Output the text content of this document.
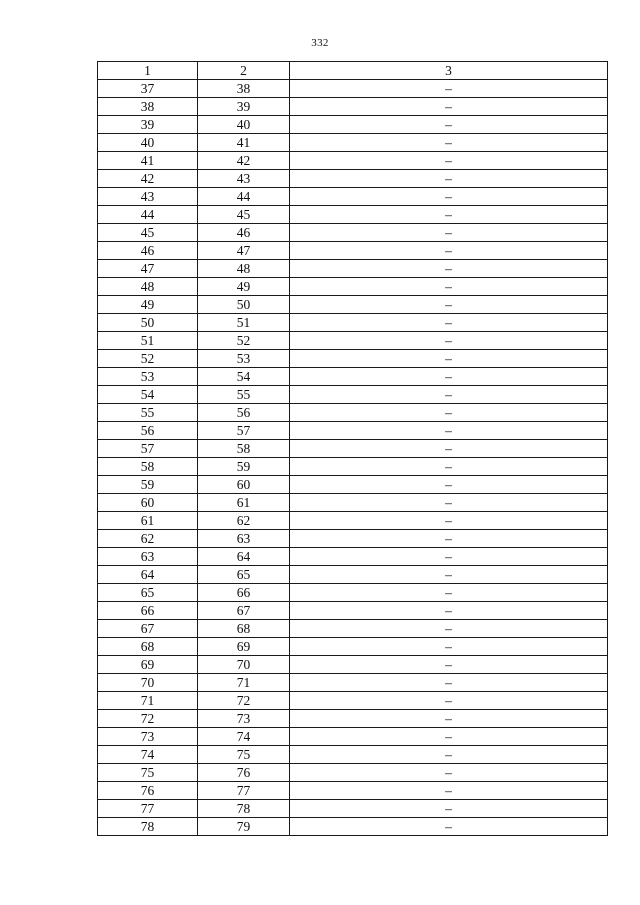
332
1	2	3
37	38	–
38	39	–
39	40	–
40	41	–
41	42	–
42	43	–
43	44	–
44	45	–
45	46	–
46	47	–
47	48	–
48	49	–
49	50	–
50	51	–
51	52	–
52	53	–
53	54	–
54	55	–
55	56	–
56	57	–
57	58	–
58	59	–
59	60	–
60	61	–
61	62	–
62	63	–
63	64	–
64	65	–
65	66	–
66	67	–
67	68	–
68	69	–
69	70	–
70	71	–
71	72	–
72	73	–
73	74	–
74	75	–
75	76	–
76	77	–
77	78	–
78	79	–
